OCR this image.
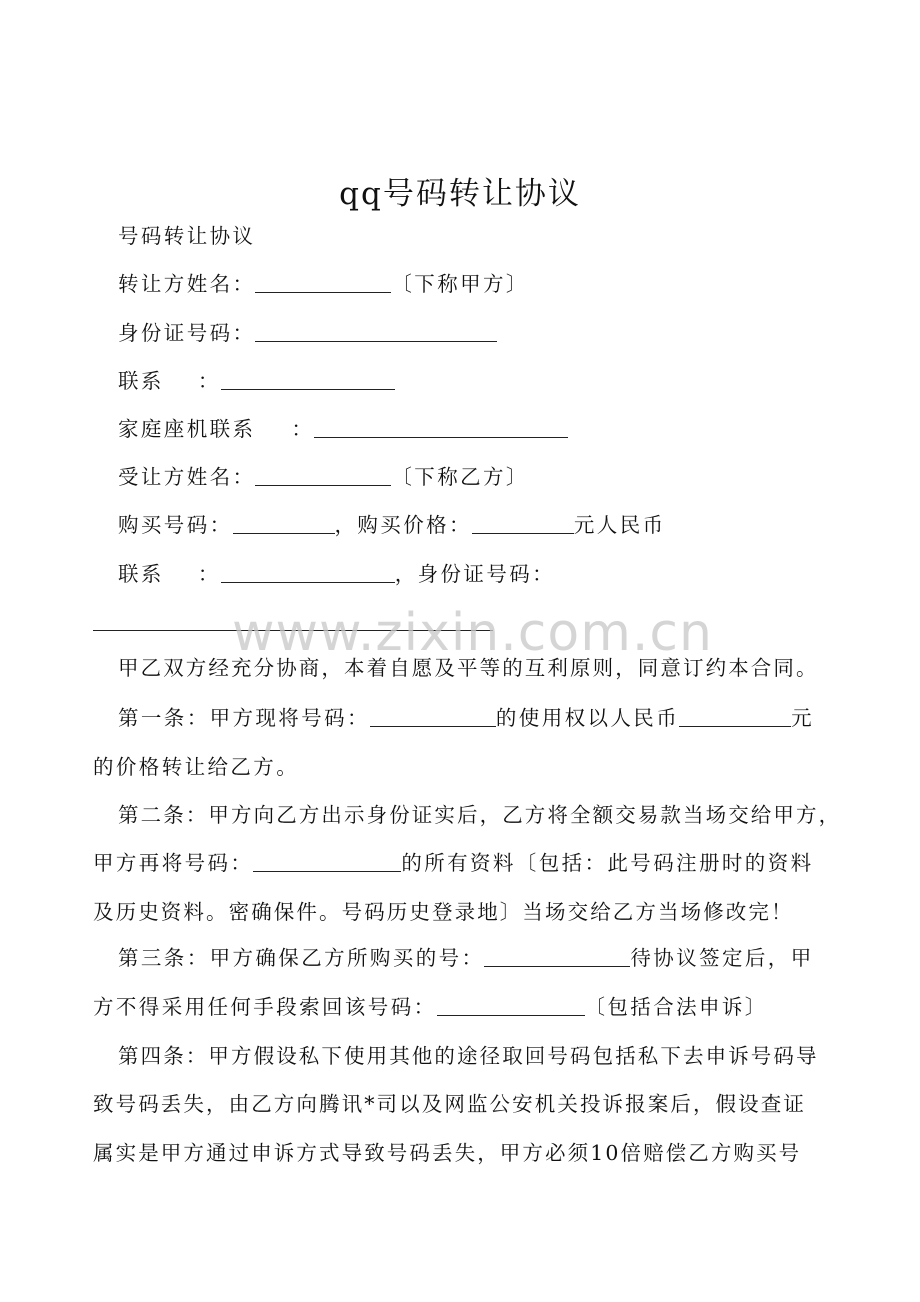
qq号码转让协议
号码转让协议
转让方姓名：	〔下称甲方〕
身份证号码：
联系 ：
家庭座机联系 ：
受让方姓名：	〔下称乙方〕
购买号码：	，购买价格：	元人民币
联系 ：	，身份证号码：
www.zixin.com.cn
甲乙双方经充分协商，本着自愿及平等的互利原则，同意订约本合同。
第一条：甲方现将号码：	的使用权以人民币	元
的价格转让给乙方。
第二条：甲方向乙方出示身份证实后，乙方将全额交易款当场交给甲方，
甲方再将号码：	的所有资料〔包括：此号码注册时的资料
及历史资料。密确保件。号码历史登录地〕当场交给乙方当场修改完！
第三条：甲方确保乙方所购买的号：	待协议签定后，甲
方不得采用任何手段索回该号码：	〔包括合法申诉〕
第四条：甲方假设私下使用其他的途径取回号码包括私下去申诉号码导
致号码丢失，由乙方向腾讯*司以及网监公安机关投诉报案后，假设查证
属实是甲方通过申诉方式导致号码丢失，甲方必须10倍赔偿乙方购买号
